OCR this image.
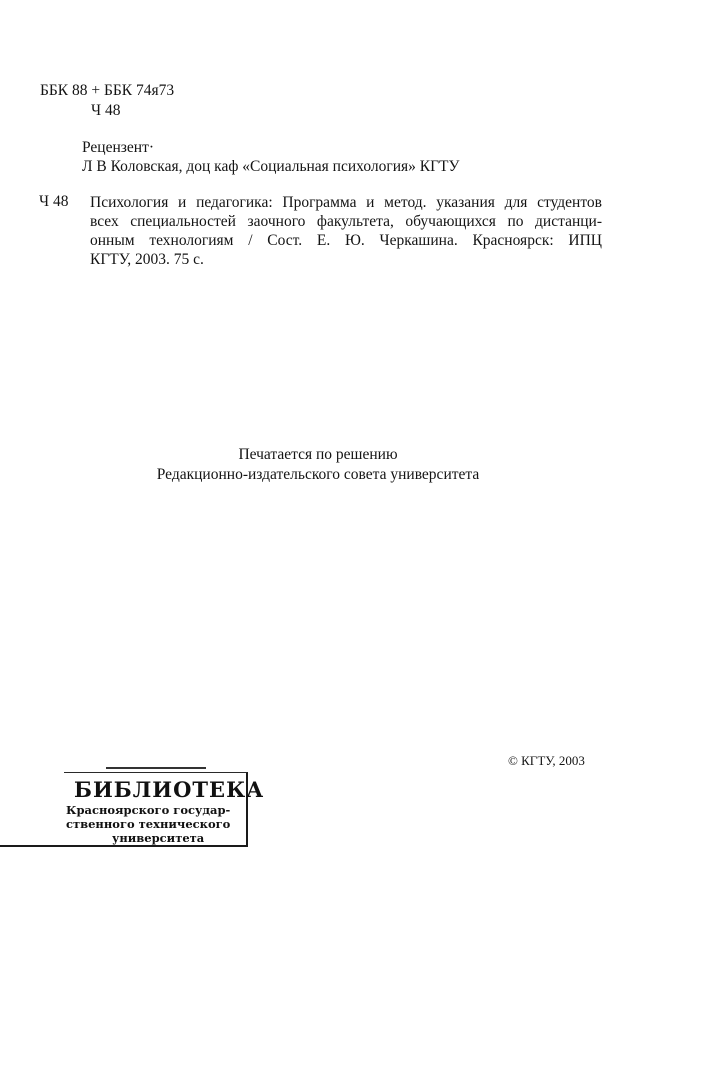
ББК 88 + ББК 74я73
Ч 48
Рецензент·
Л В Коловская, доц каф «Социальная психология» КГТУ
Ч 48 Психология и педагогика: Программа и метод. указания для студентов
всех специальностей заочного факультета, обучающихся по дистанци-
онным технологиям / Сост. Е. Ю. Черкашина. Красноярск: ИПЦ
КГТУ, 2003. 75 с.
Печатается по решению
Редакционно-издательского совета университета
© КГТУ, 2003
БИБЛИОТЕКА
Красноярского государ-
ственного технического
университета
